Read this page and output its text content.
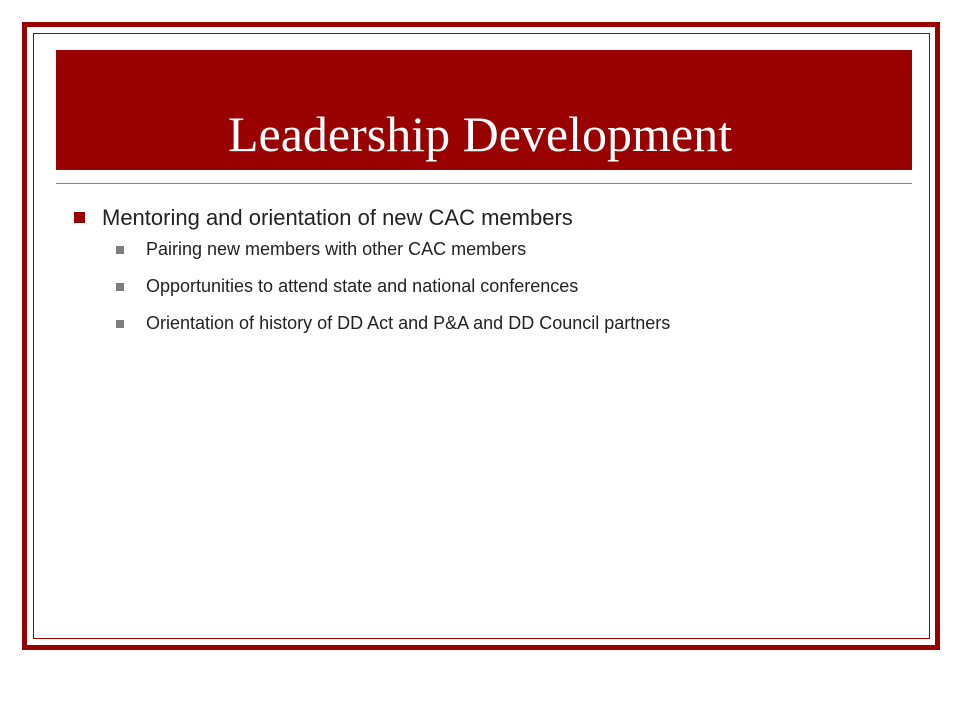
Leadership Development
Mentoring and orientation of new CAC members
Pairing new members with other CAC members
Opportunities to attend state and national conferences
Orientation of history of DD Act and P&A and DD Council partners
